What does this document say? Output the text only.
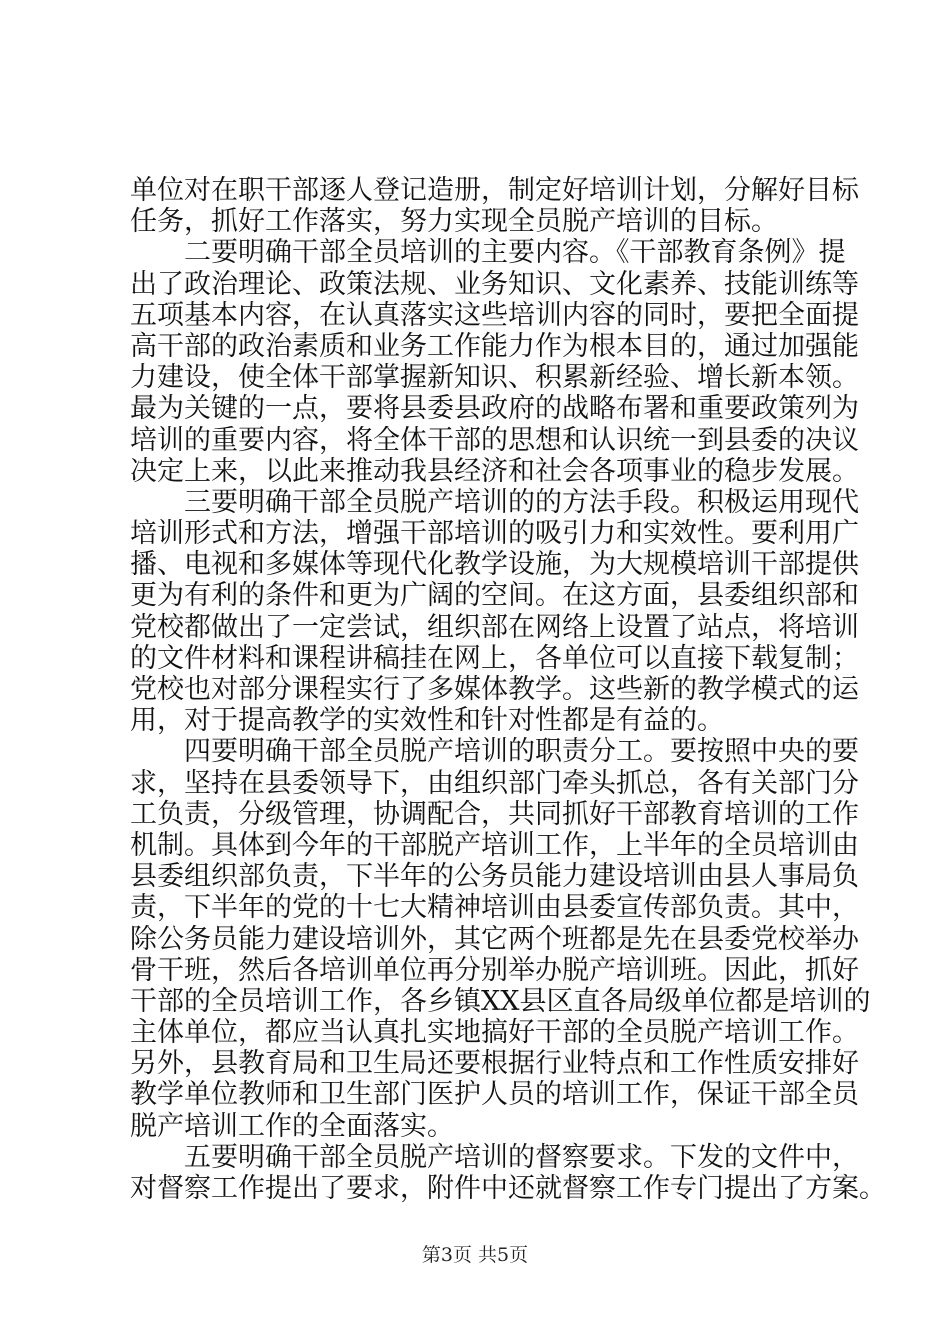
单位对在职干部逐人登记造册，制定好培训计划，分解好目标
任务，抓好工作落实，努力实现全员脱产培训的目标。
二要明确干部全员培训的主要内容。《干部教育条例》提
出了政治理论、政策法规、业务知识、文化素养、技能训练等
五项基本内容，在认真落实这些培训内容的同时，要把全面提
高干部的政治素质和业务工作能力作为根本目的，通过加强能
力建设，使全体干部掌握新知识、积累新经验、增长新本领。
最为关键的一点，要将县委县政府的战略布署和重要政策列为
培训的重要内容，将全体干部的思想和认识统一到县委的决议
决定上来，以此来推动我县经济和社会各项事业的稳步发展。
三要明确干部全员脱产培训的的方法手段。积极运用现代
培训形式和方法，增强干部培训的吸引力和实效性。要利用广
播、电视和多媒体等现代化教学设施，为大规模培训干部提供
更为有利的条件和更为广阔的空间。在这方面，县委组织部和
党校都做出了一定尝试，组织部在网络上设置了站点，将培训
的文件材料和课程讲稿挂在网上，各单位可以直接下载复制；
党校也对部分课程实行了多媒体教学。这些新的教学模式的运
用，对于提高教学的实效性和针对性都是有益的。
四要明确干部全员脱产培训的职责分工。要按照中央的要
求，坚持在县委领导下，由组织部门牵头抓总，各有关部门分
工负责，分级管理，协调配合，共同抓好干部教育培训的工作
机制。具体到今年的干部脱产培训工作，上半年的全员培训由
县委组织部负责，下半年的公务员能力建设培训由县人事局负
责，下半年的党的十七大精神培训由县委宣传部负责。其中，
除公务员能力建设培训外，其它两个班都是先在县委党校举办
骨干班，然后各培训单位再分别举办脱产培训班。因此，抓好
干部的全员培训工作，各乡镇XX县区直各局级单位都是培训的
主体单位，都应当认真扎实地搞好干部的全员脱产培训工作。
另外，县教育局和卫生局还要根据行业特点和工作性质安排好
教学单位教师和卫生部门医护人员的培训工作，保证干部全员
脱产培训工作的全面落实。
五要明确干部全员脱产培训的督察要求。下发的文件中，
对督察工作提出了要求，附件中还就督察工作专门提出了方案。
第3页 共5页
